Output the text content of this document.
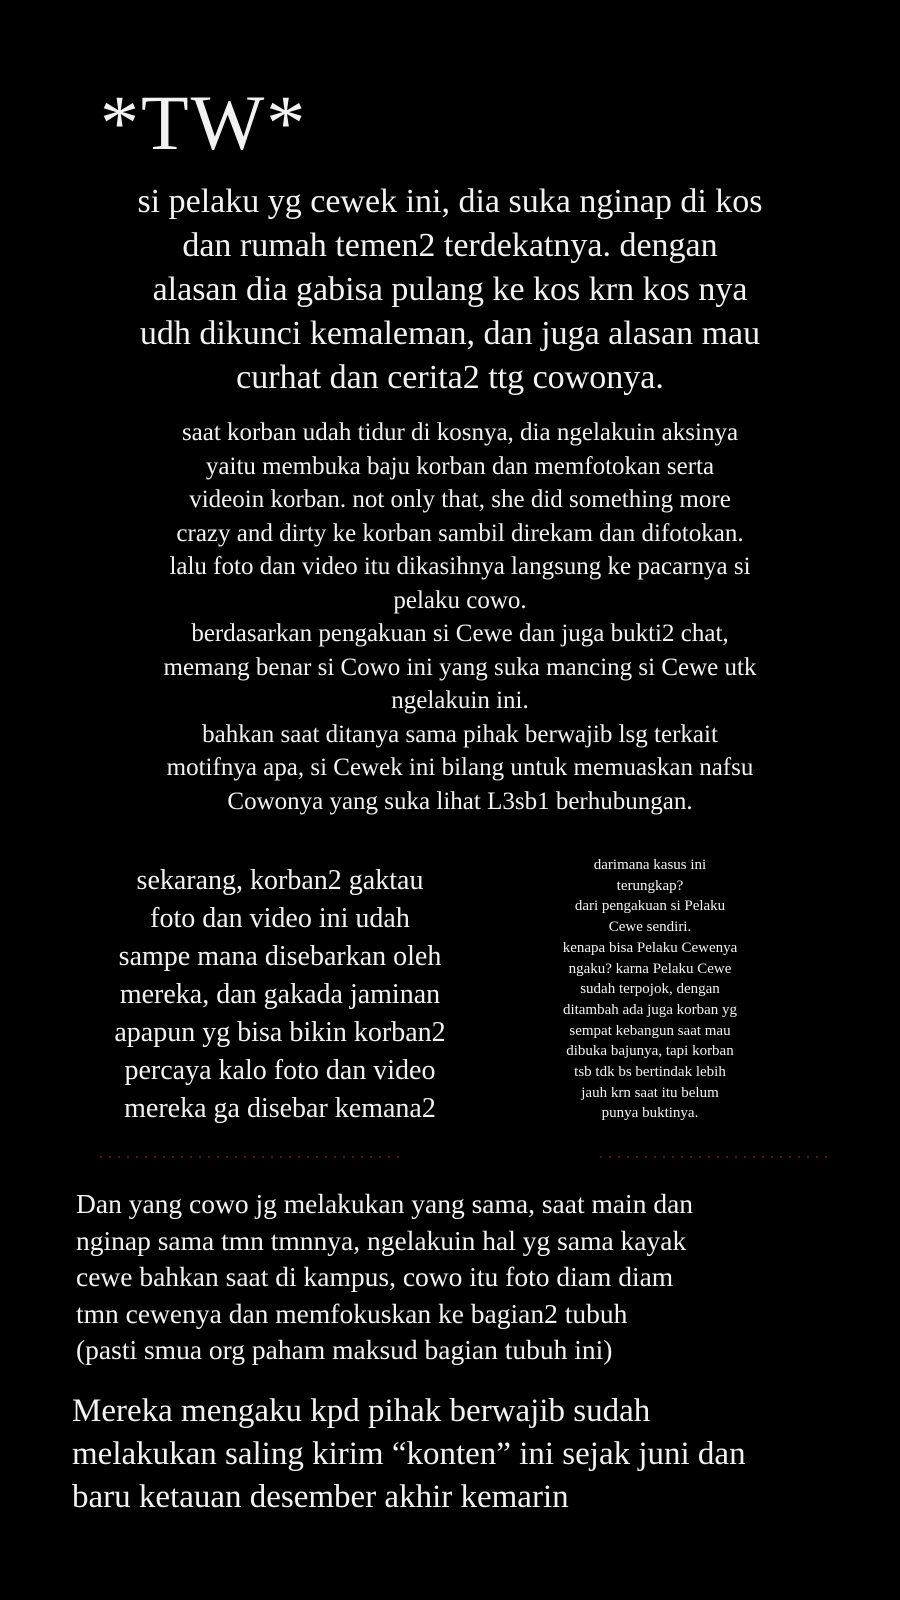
*TW*
si pelaku yg cewek ini, dia suka nginap di kos
dan rumah temen2 terdekatnya. dengan
alasan dia gabisa pulang ke kos krn kos nya
udh dikunci kemaleman, dan juga alasan mau
curhat dan cerita2 ttg cowonya.
saat korban udah tidur di kosnya, dia ngelakuin aksinya
yaitu membuka baju korban dan memfotokan serta
videoin korban. not only that, she did something more
crazy and dirty ke korban sambil direkam dan difotokan.
lalu foto dan video itu dikasihnya langsung ke pacarnya si
pelaku cowo.
berdasarkan pengakuan si Cewe dan juga bukti2 chat,
memang benar si Cowo ini yang suka mancing si Cewe utk
ngelakuin ini.
bahkan saat ditanya sama pihak berwajib lsg terkait
motifnya apa, si Cewek ini bilang untuk memuaskan nafsu
Cowonya yang suka lihat L3sb1 berhubungan.
sekarang, korban2 gaktau
foto dan video ini udah
sampe mana disebarkan oleh
mereka, dan gakada jaminan
apapun yg bisa bikin korban2
percaya kalo foto dan video
mereka ga disebar kemana2
darimana kasus ini
terungkap?
dari pengakuan si Pelaku
Cewe sendiri.
kenapa bisa Pelaku Cewenya
ngaku? karna Pelaku Cewe
sudah terpojok, dengan
ditambah ada juga korban yg
sempat kebangun saat mau
dibuka bajunya, tapi korban
tsb tdk bs bertindak lebih
jauh krn saat itu belum
punya buktinya.
Dan yang cowo jg melakukan yang sama, saat main dan
nginap sama tmn tmnnya, ngelakuin hal yg sama kayak
cewe bahkan saat di kampus, cowo itu foto diam diam
tmn cewenya dan memfokuskan ke bagian2 tubuh
(pasti smua org paham maksud bagian tubuh ini)
Mereka mengaku kpd pihak berwajib sudah
melakukan saling kirim “konten” ini sejak juni dan
baru ketauan desember akhir kemarin
